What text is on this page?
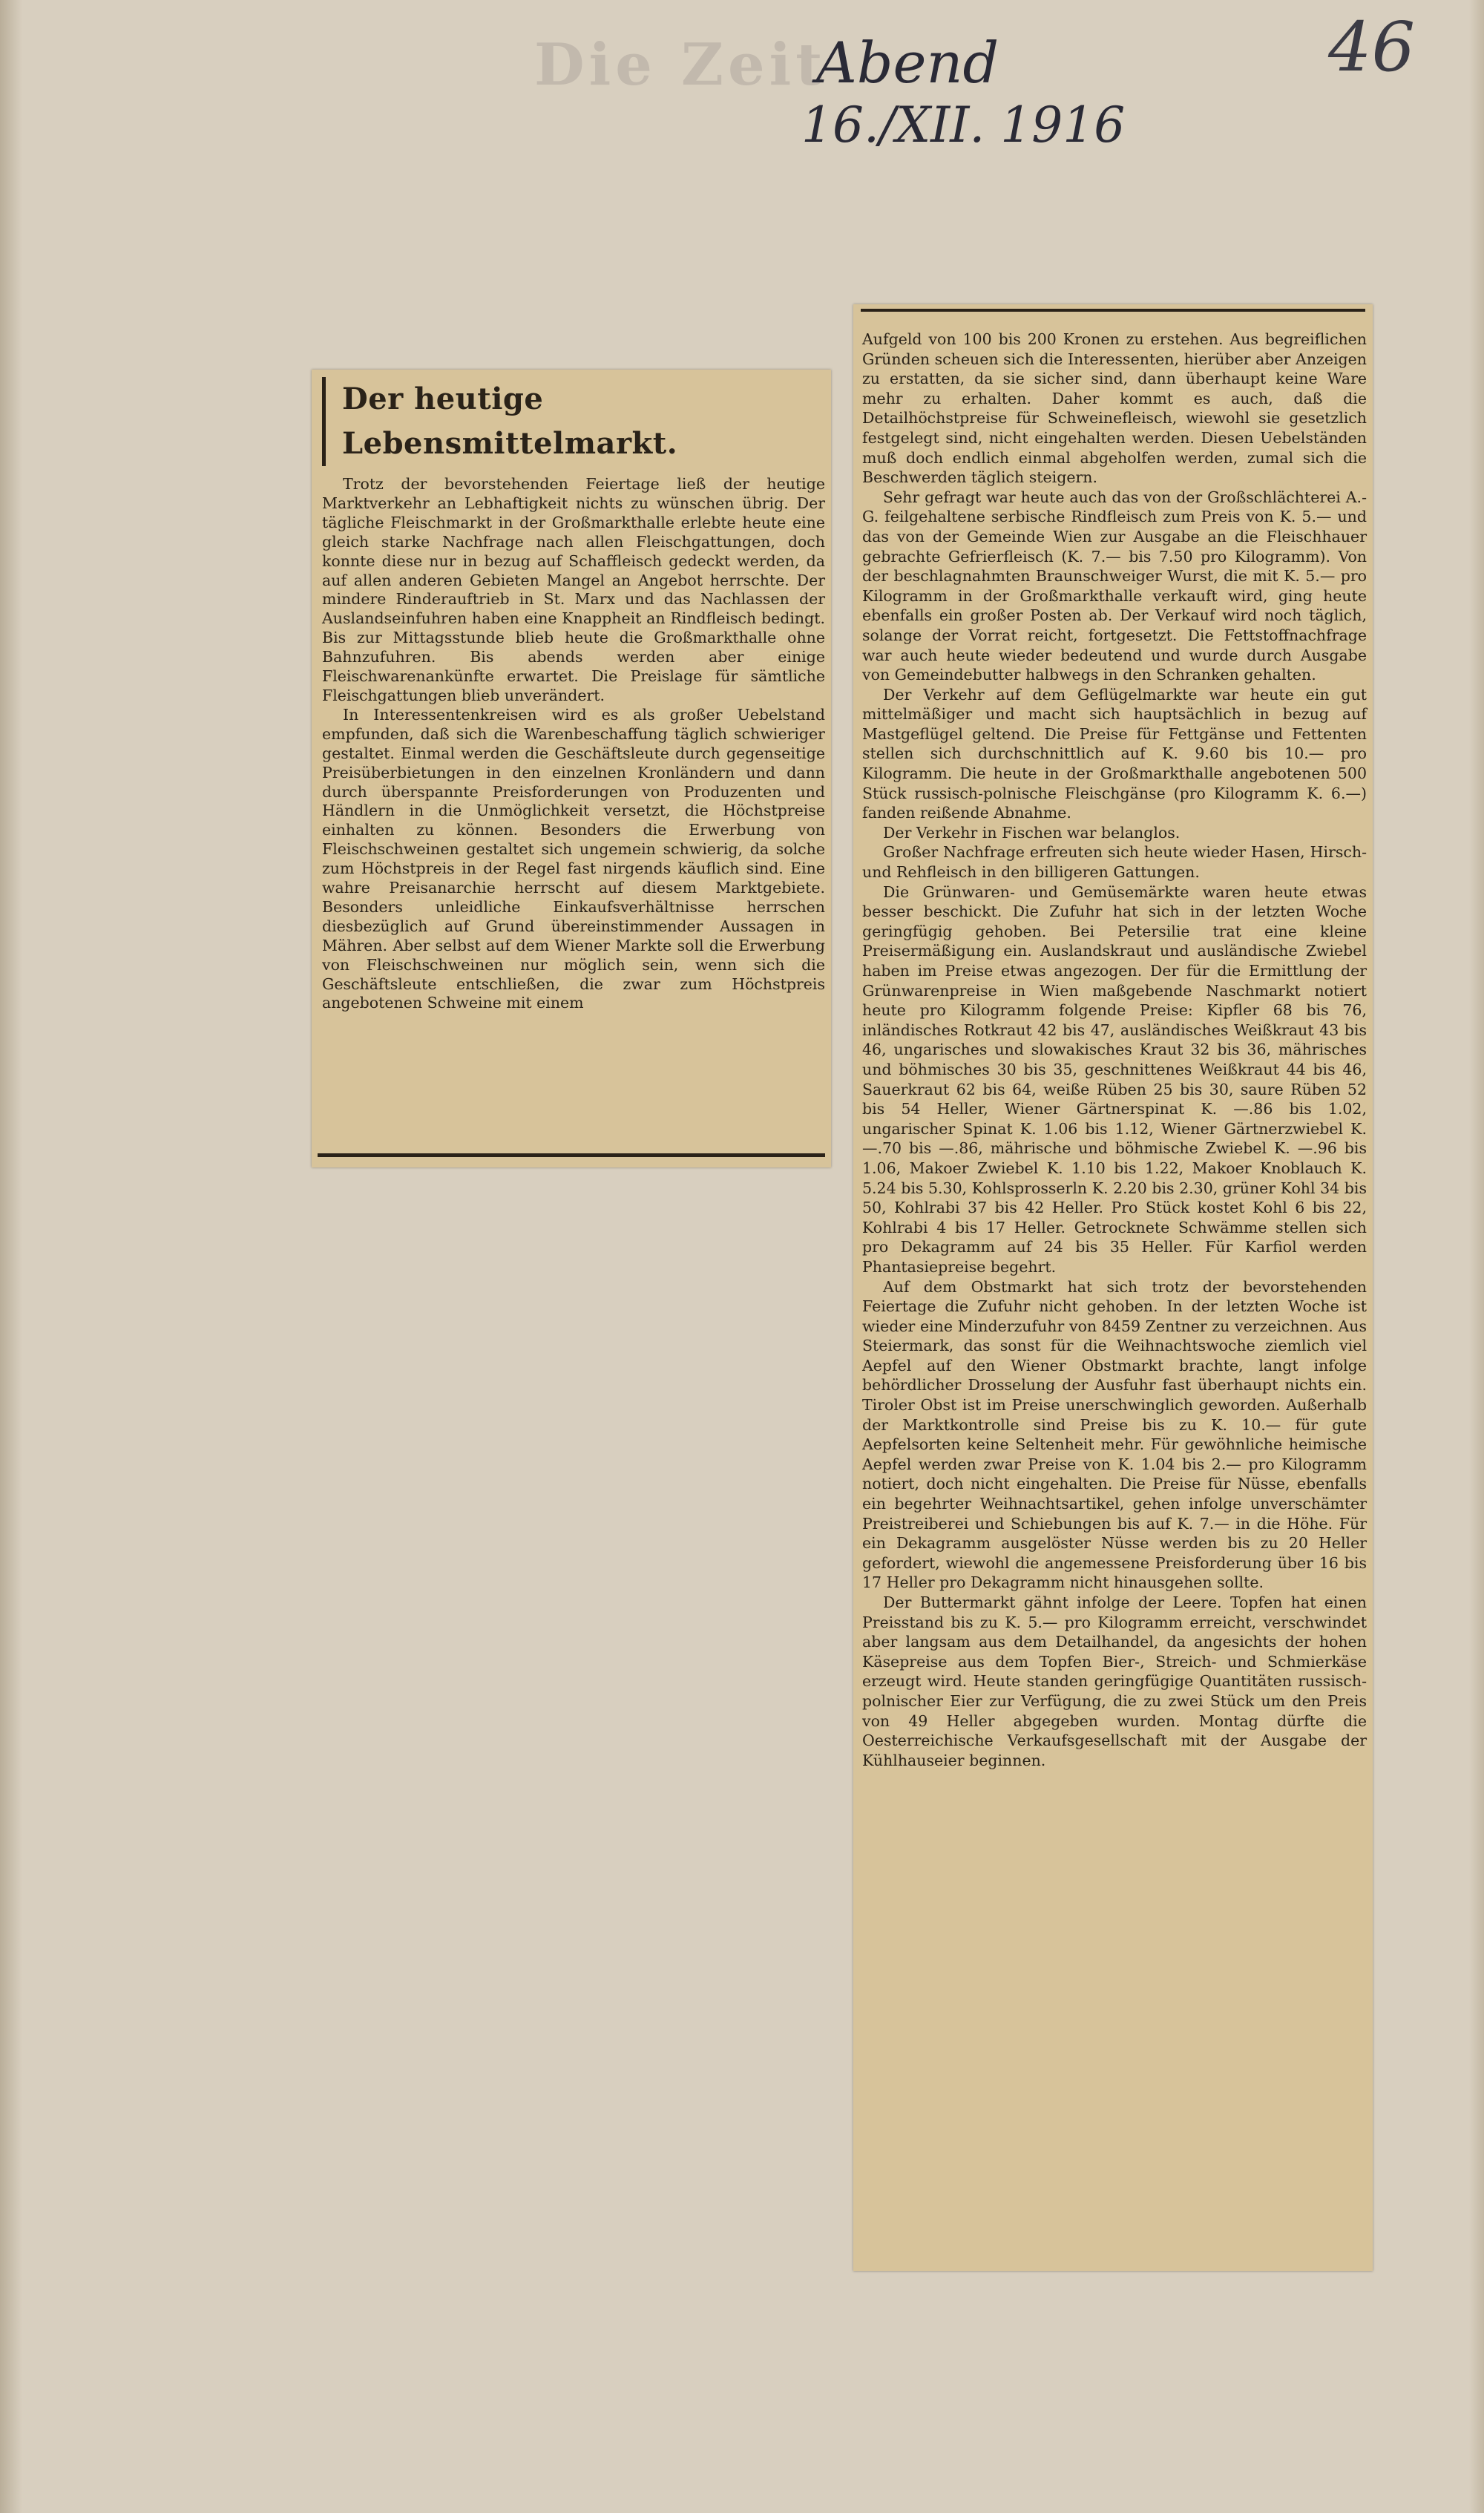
Die Zeit
Abend
16./XII. 1916
46
Der heutige Lebensmittelmarkt.

Trotz der bevorstehenden Feiertage ließ der heutige Marktverkehr an Lebhaftigkeit nichts zu wünschen übrig. Der tägliche Fleischmarkt in der Großmarkthalle erlebte heute eine gleich starke Nachfrage nach allen Fleischgattungen, doch konnte diese nur in bezug auf Schaffleisch gedeckt werden, da auf allen anderen Gebieten Mangel an Angebot herrschte. Der mindere Rinderauftrieb in St. Marx und das Nachlassen der Auslandseinfuhren haben eine Knappheit an Rindfleisch bedingt. Bis zur Mittagsstunde blieb heute die Großmarkthalle ohne Bahnzufuhren. Bis abends werden aber einige Fleischwarenankünfte erwartet. Die Preislage für sämtliche Fleischgattungen blieb unverändert.

In Interessentenkreisen wird es als großer Uebelstand empfunden, daß sich die Warenbeschaffung täglich schwieriger gestaltet. Einmal werden die Geschäftsleute durch gegenseitige Preisüberbietungen in den einzelnen Kronländern und dann durch überspannte Preisforderungen von Produzenten und Händlern in die Unmöglichkeit versetzt, die Höchstpreise einhalten zu können. Besonders die Erwerbung von Fleischschweinen gestaltet sich ungemein schwierig, da solche zum Höchstpreis in der Regel fast nirgends käuflich sind. Eine wahre Preisanarchie herrscht auf diesem Marktgebiete. Besonders unleidliche Einkaufsverhältnisse herrschen diesbezüglich auf Grund übereinstimmender Aussagen in Mähren. Aber selbst auf dem Wiener Markte soll die Erwerbung von Fleischschweinen nur möglich sein, wenn sich die Geschäftsleute entschließen, die zwar zum Höchstpreis angebotenen Schweine mit einem

Aufgeld von 100 bis 200 Kronen zu erstehen. Aus begreiflichen Gründen scheuen sich die Interessenten, hierüber aber Anzeigen zu erstatten, da sie sicher sind, dann überhaupt keine Ware mehr zu erhalten. Daher kommt es auch, daß die Detailhöchstpreise für Schweinefleisch, wiewohl sie gesetzlich festgelegt sind, nicht eingehalten werden. Diesen Uebelständen muß doch endlich einmal abgeholfen werden, zumal sich die Beschwerden täglich steigern.

Sehr gefragt war heute auch das von der Großschlächterei A.-G. feilgehaltene serbische Rindfleisch zum Preis von K. 5.— und das von der Gemeinde Wien zur Ausgabe an die Fleischhauer gebrachte Gefrierfleisch (K. 7.— bis 7.50 pro Kilogramm). Von der beschlagnahmten Braunschweiger Wurst, die mit K. 5.— pro Kilogramm in der Großmarkthalle verkauft wird, ging heute ebenfalls ein großer Posten ab. Der Verkauf wird noch täglich, solange der Vorrat reicht, fortgesetzt. Die Fettstoffnachfrage war auch heute wieder bedeutend und wurde durch Ausgabe von Gemeindebutter halbwegs in den Schranken gehalten.

Der Verkehr auf dem Geflügelmarkte war heute ein gut mittelmäßiger und macht sich hauptsächlich in bezug auf Mastgeflügel geltend. Die Preise für Fettgänse und Fettenten stellen sich durchschnittlich auf K. 9.60 bis 10.— pro Kilogramm. Die heute in der Großmarkthalle angebotenen 500 Stück russisch-polnische Fleischgänse (pro Kilogramm K. 6.—) fanden reißende Abnahme.

Der Verkehr in Fischen war belanglos.

Großer Nachfrage erfreuten sich heute wieder Hasen, Hirsch- und Rehfleisch in den billigeren Gattungen.

Die Grünwaren- und Gemüsemärkte waren heute etwas besser beschickt. Die Zufuhr hat sich in der letzten Woche geringfügig gehoben. Bei Petersilie trat eine kleine Preisermäßigung ein. Auslandskraut und ausländische Zwiebel haben im Preise etwas angezogen. Der für die Ermittlung der Grünwarenpreise in Wien maßgebende Naschmarkt notiert heute pro Kilogramm folgende Preise: Kipfler 68 bis 76, inländisches Rotkraut 42 bis 47, ausländisches Weißkraut 43 bis 46, ungarisches und slowakisches Kraut 32 bis 36, mährisches und böhmisches 30 bis 35, geschnittenes Weißkraut 44 bis 46, Sauerkraut 62 bis 64, weiße Rüben 25 bis 30, saure Rüben 52 bis 54 Heller, Wiener Gärtnerspinat K. —.86 bis 1.02, ungarischer Spinat K. 1.06 bis 1.12, Wiener Gärtnerzwiebel K. —.70 bis —.86, mährische und böhmische Zwiebel K. —.96 bis 1.06, Makoer Zwiebel K. 1.10 bis 1.22, Makoer Knoblauch K. 5.24 bis 5.30, Kohlsprosserln K. 2.20 bis 2.30, grüner Kohl 34 bis 50, Kohlrabi 37 bis 42 Heller. Pro Stück kostet Kohl 6 bis 22, Kohlrabi 4 bis 17 Heller. Getrocknete Schwämme stellen sich pro Dekagramm auf 24 bis 35 Heller. Für Karfiol werden Phantasiepreise begehrt.

Auf dem Obstmarkt hat sich trotz der bevorstehenden Feiertage die Zufuhr nicht gehoben. In der letzten Woche ist wieder eine Minderzufuhr von 8459 Zentner zu verzeichnen. Aus Steiermark, das sonst für die Weihnachtswoche ziemlich viel Aepfel auf den Wiener Obstmarkt brachte, langt infolge behördlicher Drosselung der Ausfuhr fast überhaupt nichts ein. Tiroler Obst ist im Preise unerschwinglich geworden. Außerhalb der Marktkontrolle sind Preise bis zu K. 10.— für gute Aepfelsorten keine Seltenheit mehr. Für gewöhnliche heimische Aepfel werden zwar Preise von K. 1.04 bis 2.— pro Kilogramm notiert, doch nicht eingehalten. Die Preise für Nüsse, ebenfalls ein begehrter Weihnachtsartikel, gehen infolge unverschämter Preistreiberei und Schiebungen bis auf K. 7.— in die Höhe. Für ein Dekagramm ausgelöster Nüsse werden bis zu 20 Heller gefordert, wiewohl die angemessene Preisforderung über 16 bis 17 Heller pro Dekagramm nicht hinausgehen sollte.

Der Buttermarkt gähnt infolge der Leere. Topfen hat einen Preisstand bis zu K. 5.— pro Kilogramm erreicht, verschwindet aber langsam aus dem Detailhandel, da angesichts der hohen Käsepreise aus dem Topfen Bier-, Streich- und Schmierkäse erzeugt wird. Heute standen geringfügige Quantitäten russisch-polnischer Eier zur Verfügung, die zu zwei Stück um den Preis von 49 Heller abgegeben wurden. Montag dürfte die Oesterreichische Verkaufsgesellschaft mit der Ausgabe der Kühlhauseier beginnen.
